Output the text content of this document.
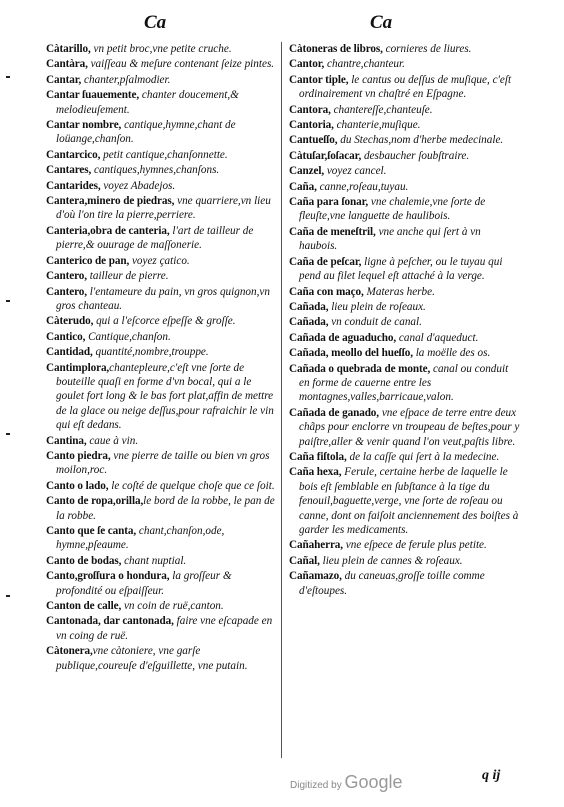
Ca	Ca
Càtarillo, vn petit broc,vne petite cruche.
Cantàra, vaiſſeau & meſure contenant ſeize pintes.
Cantar, chanter,pſalmodier.
Cantar ſuauemente, chanter doucement,& melodieuſement.
Cantar nombre, cantique,hymne,chant de loüange,chanſon.
Cantarcico, petit cantique,chanſonnette.
Cantares, cantiques,hymnes,chanſons.
Cantarides, voyez Abadejos.
Cantera,minero de piedras, vne quarriere,vn lieu d'où l'on tire la pierre,perriere.
Canteria,obra de canteria, l'art de tailleur de pierre,& ouurage de maſſonerie.
Canterico de pan, voyez çatico.
Cantero, tailleur de pierre.
Cantero, l'entameure du pain, vn gros quignon,vn gros chanteau.
Càterudo, qui a l'eſcorce eſpeſſe & groſſe.
Cantico, Cantique,chanſon.
Cantidad, quantité,nombre,trouppe.
Cantimplora,chantepleure,c'eſt vne ſorte de bouteille quaſi en forme d'vn bocal, qui a le goulet fort long & le bas fort plat,affin de mettre de la glace ou neige deſſus,pour rafraichir le vin qui eſt dedans.
Cantina, caue à vin.
Canto piedra, vne pierre de taille ou bien vn gros moilon,roc.
Canto o lado, le coſté de quelque choſe que ce ſoit.
Canto de ropa,orilla,le bord de la robbe, le pan de la robbe.
Canto que ſe canta, chant,chanſon,ode, hymne,pſeaume.
Canto de bodas, chant nuptial.
Canto,groſſura o hondura, la groſſeur & profondité ou eſpaiſſeur.
Canton de calle, vn coin de ruë,canton.
Cantonada, dar cantonada, faire vne eſcapade en vn coing de ruë.
Càtonera,vne càtoniere, vne garſe publique,coureuſe d'eſguillette, vne putain.
Càtoneras de libros, cornieres de liures.
Cantor, chantre,chanteur.
Cantor tiple, le cantus ou deſſus de muſique, c'eſt ordinairement vn chaſtré en Eſpagne.
Cantora, chantereſſe,chanteuſe.
Cantoria, chanterie,muſique.
Cantueſſo, du Stechas,nom d'herbe medecinale.
Càtuſar,ſoſacar, desbaucher ſoubſtraire.
Canzel, voyez cancel.
Caña, canne,roſeau,tuyau.
Caña para ſonar, vne chalemie,vne ſorte de fleuſte,vne languette de haulibois.
Caña de meneſtril, vne anche qui ſert à vn haubois.
Caña de peſcar, ligne à peſcher, ou le tuyau qui pend au filet lequel eſt attaché à la verge.
Caña con maço, Materas herbe.
Cañada, lieu plein de roſeaux.
Cañada, vn conduit de canal.
Cañada de aguaducho, canal d'aqueduct.
Cañada, meollo del hueſſo, la moëlle des os.
Cañada o quebrada de monte, canal ou conduit en forme de cauerne entre les montagnes,valles,barricaue,valon.
Cañada de ganado, vne eſpace de terre entre deux chãps pour enclorre vn troupeau de beſtes,pour y paiſtre,aller & venir quand l'on veut,paſtis libre.
Caña fiſtola, de la caſſe qui ſert à la medecine.
Caña hexa, Ferule, certaine herbe de laquelle le bois eſt ſemblable en ſubſtance à la tige du fenouil,baguette,verge, vne ſorte de roſeau ou canne, dont on faiſoit anciennement des boiſtes à garder les medicaments.
Cañaherra, vne eſpece de ferule plus petite.
Cañal, lieu plein de cannes & roſeaux.
Cañamazo, du caneuas,groſſe toille comme d'eſtoupes.
Digitized by Google	q ij
